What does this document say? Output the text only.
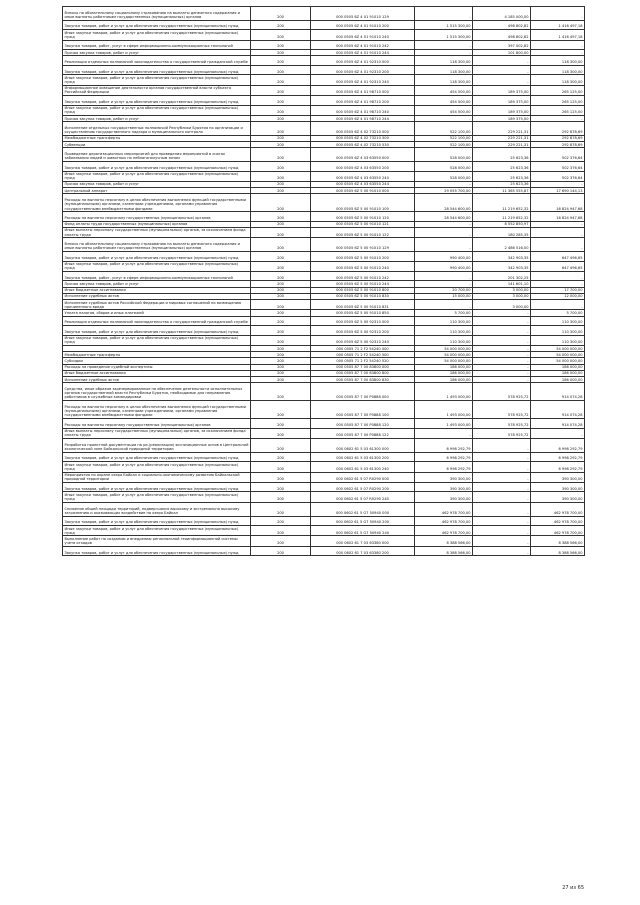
Взносы по обязательному социальному страхованию на выплаты денежного содержания и иные выплаты работникам государственных (муниципальных) органов	200	000 0505 6Z 4 01 91010 129	-	4 185 000,00	-
Закупка товаров, работ и услуг для обеспечения государственных (муниципальных) нужд	200	000 0505 6Z 4 01 91010 200	1 515 300,00	498 802,82	1 416 497,18
Иные закупки товаров, работ и услуг для обеспечения государственных (муниципальных) нужд	200	000 0505 6Z 4 01 91010 240	1 515 300,00	498 802,82	1 416 497,18
Закупка товаров, работ, услуг в сфере информационно-коммуникационных технологий	200	000 0505 6Z 4 01 91010 242	-	397 002,82	-
Прочая закупка товаров, работ и услуг	200	000 0505 6Z 4 01 91010 244	-	101 800,00	-
Реализация отдельных полномочий законодательства о государственной гражданской службе	200	000 0505 6Z 4 01 92310 000	118 300,00	-	118 300,00
Закупка товаров, работ и услуг для обеспечения государственных (муниципальных) нужд	200	000 0505 6Z 4 01 92310 200	118 300,00	-	118 300,00
Иные закупки товаров, работ и услуг для обеспечения государственных (муниципальных) нужд	200	000 0505 6Z 4 01 92310 240	118 300,00	-	118 300,00
Информационное освещение деятельности органов государственной власти субъекта Российской Федерации	200	000 0505 6Z 4 01 98710 000	454 500,00	189 375,00	265 125,00
Закупка товаров, работ и услуг для обеспечения государственных (муниципальных) нужд	200	000 0505 6Z 4 01 98710 200	454 500,00	189 375,00	265 125,00
Иные закупки товаров, работ и услуг для обеспечения государственных (муниципальных) нужд	200	000 0505 6Z 4 01 98710 240	454 500,00	189 375,00	265 125,00
Прочая закупка товаров, работ и услуг	200	000 0505 6Z 4 01 98710 244	-	189 375,00	-
Исполнение отдельных государственных полномочий Республики Бурятия по организации и осуществлению государственного надзора и муниципального контроля	200	000 0505 6Z 4 02 73210 000	522 100,00	229 221,31	292 878,69
Межбюджетные трансферты	200	000 0505 6Z 4 02 73210 500	522 100,00	229 221,31	292 878,69
Субвенции	200	000 0505 6Z 4 02 73210 530	522 100,00	229 221,31	292 878,69
Проведение дератизационных мероприятий для проведения мероприятий в очагах заболевания людей и животных по неблагополучным зонам	200	000 0505 6Z 4 03 63550 000	528 000,00	25 623,36	502 376,64
Закупка товаров, работ и услуг для обеспечения государственных (муниципальных) нужд	200	000 0505 6Z 4 03 63550 200	528 000,00	25 623,36	502 376,64
Иные закупки товаров, работ и услуг для обеспечения государственных (муниципальных) нужд	200	000 0505 6Z 4 03 63550 240	528 000,00	25 623,36	502 376,64
Прочая закупка товаров, работ и услуг	200	000 0505 6Z 4 03 63550 244	-	25 623,36	-
Центральный аппарат	200	000 0505 6Z 5 00 91010 000	29 055 700,00	11 365 555,87	17 690 144,13
Расходы на выплаты персоналу в целях обеспечения выполнения функций государственными (муниципальными) органами, казенными учреждениями, органами управления государственными внебюджетными фондами	200	000 0505 6Z 5 00 91010 100	28 544 600,00	11 219 652,32	16 824 947,68
Расходы на выплаты персоналу государственных (муниципальных) органов	200	000 0505 6Z 5 00 91010 120	28 544 600,00	11 219 652,32	16 824 947,68
Фонд оплаты труда государственных (муниципальных) органов	200	000 0505 6Z 5 00 91010 121	-	8 552 850,97	-
Иные выплаты персоналу государственных (муниципальных) органов, за исключением фонда оплаты труда	200	000 0505 6Z 5 00 91010 122	-	180 285,35	-
Взносы по обязательному социальному страхованию на выплаты денежного содержания и иные выплаты работникам государственных (муниципальных) органов	200	000 0505 6Z 5 00 91010 129	-	2 486 516,00	-
Закупка товаров, работ и услуг для обеспечения государственных (муниципальных) нужд	200	000 0505 6Z 5 00 91010 200	990 400,00	342 903,35	647 496,65
Иные закупки товаров, работ и услуг для обеспечения государственных (муниципальных) нужд	200	000 0505 6Z 5 00 91010 240	990 400,00	342 903,35	647 496,65
Закупка товаров, работ, услуг в сфере информационно-коммуникационных технологий	200	000 0505 6Z 5 00 91010 242	-	201 302,25	-
Прочая закупка товаров, работ и услуг	200	000 0505 6Z 5 00 91010 244	-	141 601,10	-
Иные бюджетные ассигнования	200	000 0505 6Z 5 00 91010 800	20 700,00	3 000,00	17 700,00
Исполнение судебных актов	200	000 0505 6Z 5 00 91010 830	15 000,00	3 000,00	12 000,00
Исполнение судебных актов Российской Федерации и мировых соглашений по возмещению причиненного вреда	200	000 0505 6Z 5 00 91010 831	-	3 000,00	-
Уплата налогов, сборов и иных платежей	200	000 0505 6Z 5 00 91010 850	5 700,00	-	5 700,00
Реализация отдельных полномочий законодательства о государственной гражданской службе	200	000 0505 6Z 5 00 92310 000	110 300,00	-	110 300,00
Закупка товаров, работ и услуг для обеспечения государственных (муниципальных) нужд	200	000 0505 6Z 5 00 92310 200	110 300,00	-	110 300,00
Иные закупки товаров, работ и услуг для обеспечения государственных (муниципальных) нужд	200	000 0505 6Z 5 00 92310 240	110 300,00	-	110 300,00
	200	000 0505 71 2 F2 54240 000	54 000 000,00	-	54 000 000,00
Межбюджетные трансферты	200	000 0505 71 2 F2 54240 500	54 000 000,00	-	54 000 000,00
Субсидии	200	000 0505 71 2 F2 54240 520	54 000 000,00	-	54 000 000,00
Расходы на проведение судебной экспертизы	200	000 0505 87 7 00 83800 000	186 000,00	-	186 000,00
Иные бюджетные ассигнования	200	000 0505 87 7 00 83800 800	186 000,00	-	186 000,00
Исполнение судебных актов	200	000 0505 87 7 00 83800 830	186 000,00	-	186 000,00
Средства, иные образом зарезервированные на обеспечение деятельности исполнительных органов государственной власти Республики Бурятия, необходимые для направления работников в служебные командировки	200	000 0505 87 7 00 P0888 000	1 493 000,00	578 925,72	914 074,28
Расходы на выплаты персоналу в целях обеспечения выполнения функций государственными (муниципальными) органами, казенными учреждениями, органами управления государственными внебюджетными фондами	200	000 0505 87 7 00 P0888 100	1 493 000,00	578 925,72	914 074,28
Расходы на выплаты персоналу государственных (муниципальных) органов	200	000 0505 87 7 00 P0888 120	1 493 000,00	578 925,72	914 074,28
Иные выплаты персоналу государственных (муниципальных) органов, за исключением фонда оплаты труда	200	000 0505 87 7 00 P0888 122	-	578 925,72	-
Разработка проектной документации на ре-(реализация) экспозиционных основ в Центральной экологической зоне Байкальской природной территории	200	000 0602 61 5 03 61300 000	6 998 292,79	-	6 998 292,79
Закупка товаров, работ и услуг для обеспечения государственных (муниципальных) нужд	200	000 0602 61 5 03 61300 200	6 998 292,79	-	6 998 292,79
Иные закупки товаров, работ и услуг для обеспечения государственных (муниципальных) нужд	200	000 0602 61 5 03 61300 240	6 998 292,79	-	6 998 292,79
Мероприятия по охране озера Байкал и социально-экономическому развитию Байкальской природной территории	200	000 0602 61 5 07 R0290 000	390 300,00	-	390 300,00
Закупка товаров, работ и услуг для обеспечения государственных (муниципальных) нужд	200	000 0602 61 5 07 R0290 200	390 300,00	-	390 300,00
Иные закупки товаров, работ и услуг для обеспечения государственных (муниципальных) нужд	200	000 0602 61 5 07 R0290 240	390 300,00	-	390 300,00
Снижение общей площади территорий, подвергшихся высокому и экстремально высокому загрязнению и оказывающих воздействие на озеро Байкал	200	000 0602 61 5 G7 50940 000	462 978 700,00	-	462 978 700,00
Закупка товаров, работ и услуг для обеспечения государственных (муниципальных) нужд	200	000 0602 61 5 G7 50940 200	462 978 700,00	-	462 978 700,00
Иные закупки товаров, работ и услуг для обеспечения государственных (муниципальных) нужд	200	000 0602 61 5 G7 50940 240	462 978 700,00	-	462 978 700,00
Выполнение работ по созданию и внедрению региональной геоинформационной системы учета отходов	200	000 0602 61 7 03 63380 000	8 388 566,00	-	8 388 566,00
Закупка товаров, работ и услуг для обеспечения государственных (муниципальных) нужд	200	000 0602 61 7 03 63380 200	8 388 566,00	-	8 388 566,00
27 из 65
